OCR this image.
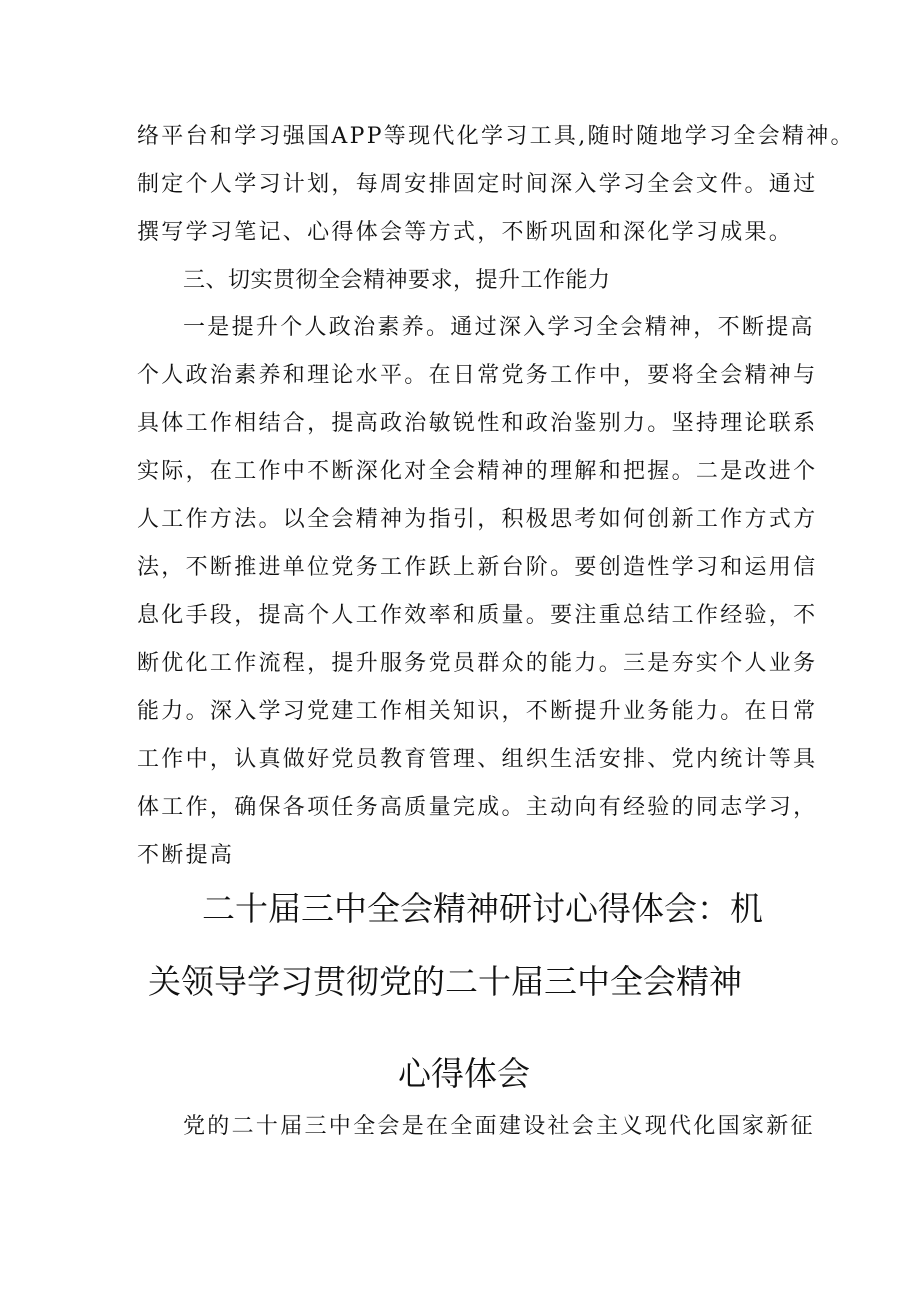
络平台和学习强国APP等现代化学习工具,随时随地学习全会精神。
制定个人学习计划，每周安排固定时间深入学习全会文件。通过
撰写学习笔记、心得体会等方式，不断巩固和深化学习成果。
三、切实贯彻全会精神要求，提升工作能力
一是提升个人政治素养。通过深入学习全会精神，不断提高
个人政治素养和理论水平。在日常党务工作中，要将全会精神与
具体工作相结合，提高政治敏锐性和政治鉴别力。坚持理论联系
实际，在工作中不断深化对全会精神的理解和把握。二是改进个
人工作方法。以全会精神为指引，积极思考如何创新工作方式方
法，不断推进单位党务工作跃上新台阶。要创造性学习和运用信
息化手段，提高个人工作效率和质量。要注重总结工作经验，不
断优化工作流程，提升服务党员群众的能力。三是夯实个人业务
能力。深入学习党建工作相关知识，不断提升业务能力。在日常
工作中，认真做好党员教育管理、组织生活安排、党内统计等具
体工作，确保各项任务高质量完成。主动向有经验的同志学习，
不断提高
二十届三中全会精神研讨心得体会：机
关领导学习贯彻党的二十届三中全会精神
心得体会
党的二十届三中全会是在全面建设社会主义现代化国家新征
